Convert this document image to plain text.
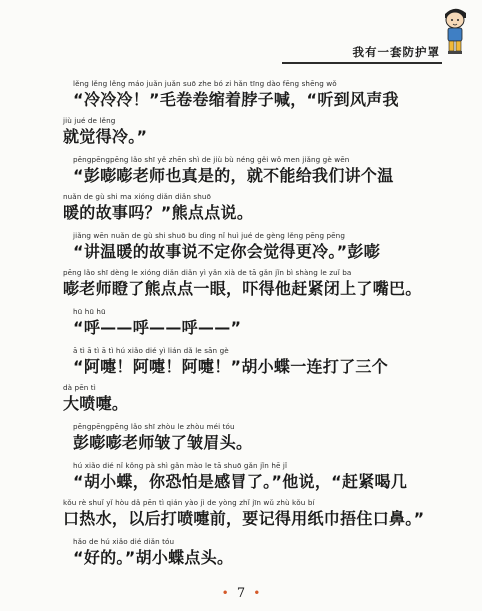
我有一套防护罩
lěng lěng lěng máo juǎn juǎn suō zhe bó zi hǎn tīng dào fēng shēng wǒ
“冷冷冷！”毛卷卷缩着脖子喊，“听到风声我
jiù jué de lěng
就觉得冷。”
pēngpēngpēng lǎo shī yě zhēn shì de jiù bù néng gěi wǒ men jiǎng gè wēn
“彭嘭嘭老师也真是的，就不能给我们讲个温
nuǎn de gù shi ma xióng diǎn diǎn shuō
暖的故事吗？”熊点点说。
jiǎng wēn nuǎn de gù shi shuō bu dìng nǐ huì jué de gèng lěng pēng pēng
“讲温暖的故事说不定你会觉得更冷。”彭嘭
pēng lǎo shī dèng le xióng diǎn diǎn yì yǎn xià de tā gǎn jǐn bì shàng le zuǐ ba
嘭老师瞪了熊点点一眼，吓得他赶紧闭上了嘴巴。
hū hū hū
“呼——呼——呼——”
ā tì ā tì ā tì hú xiǎo dié yì lián dǎ le sān gè
“阿嚏！阿嚏！阿嚏！”胡小蝶一连打了三个
dà pēn tì
大喷嚏。
pēngpēngpēng lǎo shī zhòu le zhòu méi tóu
彭嘭嘭老师皱了皱眉头。
hú xiǎo dié nǐ kǒng pà shì gǎn mào le tā shuō gǎn jǐn hē jǐ
“胡小蝶，你恐怕是感冒了。”他说，“赶紧喝几
kǒu rè shuǐ yǐ hòu dǎ pēn tì qián yào jì de yòng zhǐ jīn wǔ zhù kǒu bí
口热水，以后打喷嚏前，要记得用纸巾捂住口鼻。”
hǎo de hú xiǎo dié diǎn tóu
“好的。”胡小蝶点头。
• 7 •
